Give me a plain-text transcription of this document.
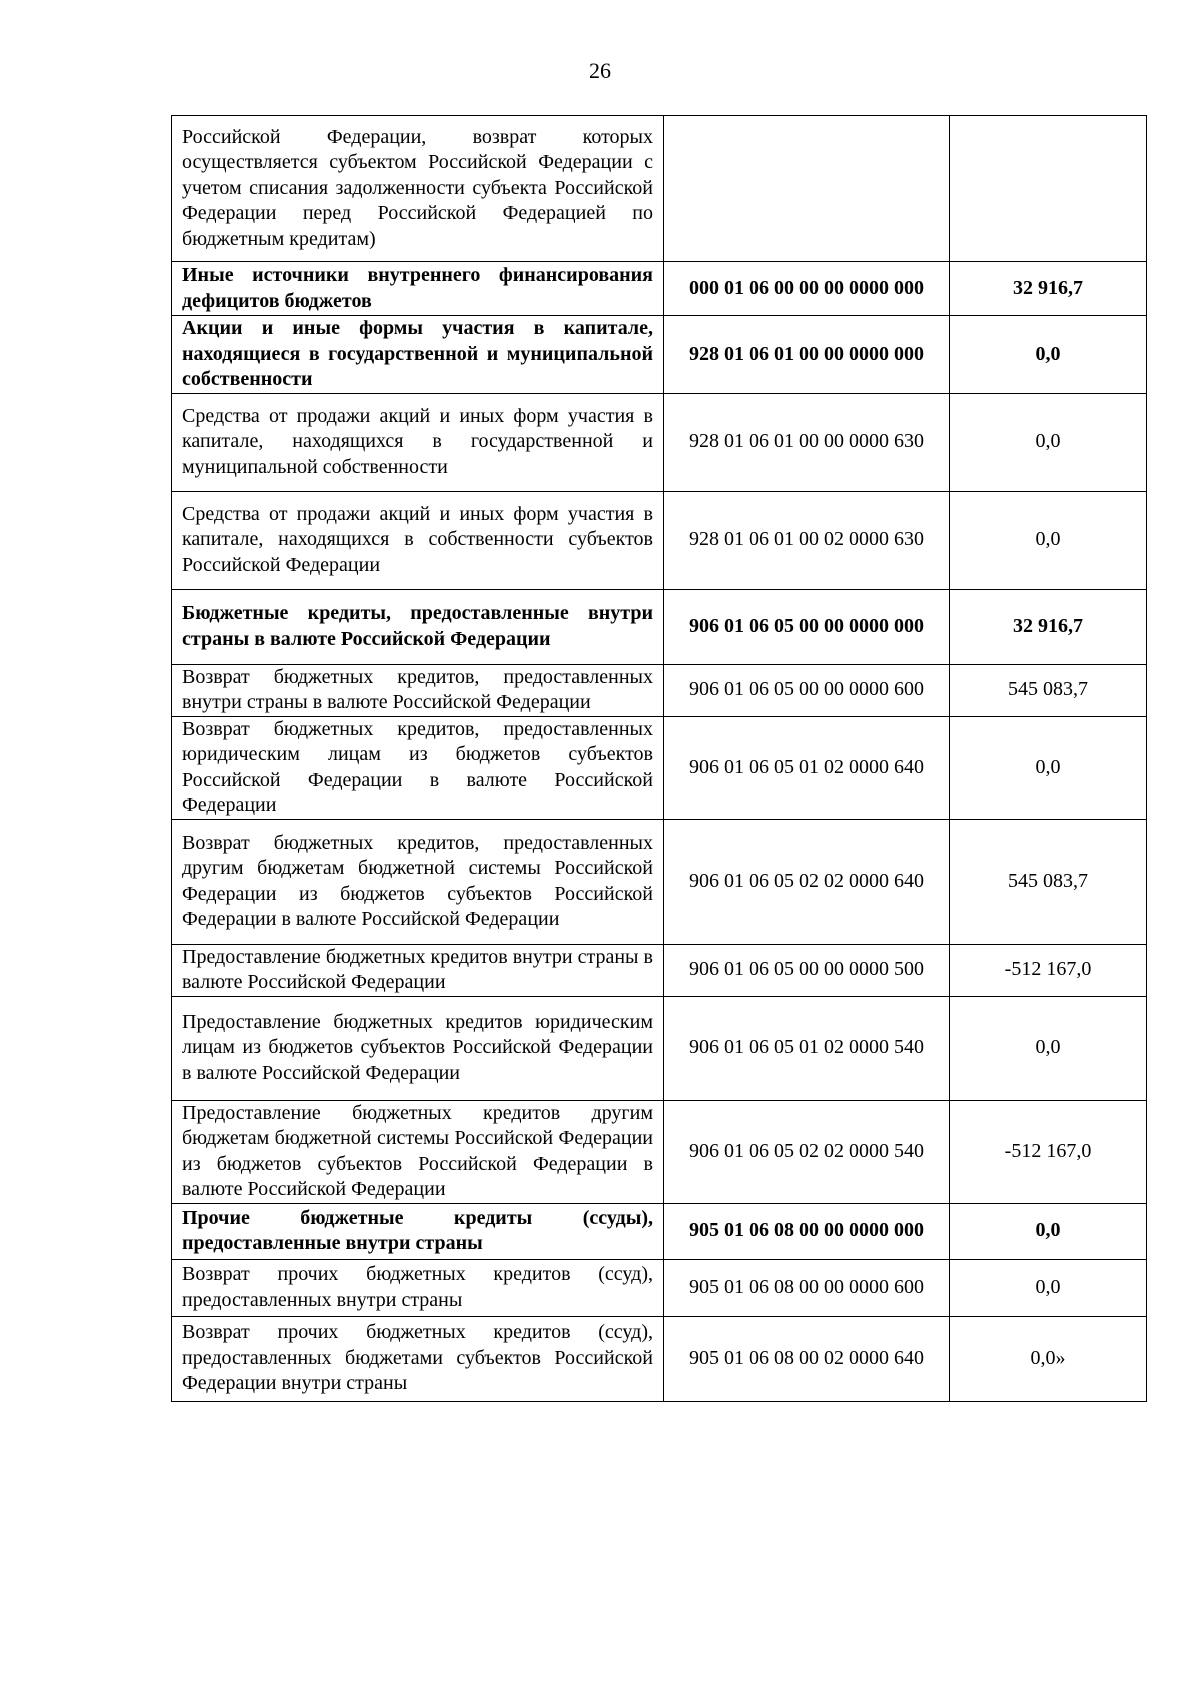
26
Российской Федерации, возврат которых осуществляется субъектом Российской Федерации с учетом списания задолженности субъекта Российской Федерации перед Российской Федерацией по бюджетным кредитам)		
Иные источники внутреннего финансирования дефицитов бюджетов	000 01 06 00 00 00 0000 000	32 916,7
Акции и иные формы участия в капитале, находящиеся в государственной и муниципальной собственности	928 01 06 01 00 00 0000 000	0,0
Средства от продажи акций и иных форм участия в капитале, находящихся в государственной и муниципальной собственности	928 01 06 01 00 00 0000 630	0,0
Средства от продажи акций и иных форм участия в капитале, находящихся в собственности субъектов Российской Федерации	928 01 06 01 00 02 0000 630	0,0
Бюджетные кредиты, предоставленные внутри страны в валюте Российской Федерации	906 01 06 05 00 00 0000 000	32 916,7
Возврат бюджетных кредитов, предоставленных внутри страны в валюте Российской Федерации	906 01 06 05 00 00 0000 600	545 083,7
Возврат бюджетных кредитов, предоставленных юридическим лицам из бюджетов субъектов Российской Федерации в валюте Российской Федерации	906 01 06 05 01 02 0000 640	0,0
Возврат бюджетных кредитов, предоставленных другим бюджетам бюджетной системы Российской Федерации из бюджетов субъектов Российской Федерации в валюте Российской Федерации	906 01 06 05 02 02 0000 640	545 083,7
Предоставление бюджетных кредитов внутри страны в валюте Российской Федерации	906 01 06 05 00 00 0000 500	-512 167,0
Предоставление бюджетных кредитов юридическим лицам из бюджетов субъектов Российской Федерации в валюте Российской Федерации	906 01 06 05 01 02 0000 540	0,0
Предоставление бюджетных кредитов другим бюджетам бюджетной системы Российской Федерации из бюджетов субъектов Российской Федерации в валюте Российской Федерации	906 01 06 05 02 02 0000 540	-512 167,0
Прочие бюджетные кредиты (ссуды), предоставленные внутри страны	905 01 06 08 00 00 0000 000	0,0
Возврат прочих бюджетных кредитов (ссуд), предоставленных внутри страны	905 01 06 08 00 00 0000 600	0,0
Возврат прочих бюджетных кредитов (ссуд), предоставленных бюджетами субъектов Российской Федерации внутри страны	905 01 06 08 00 02 0000 640	0,0»
